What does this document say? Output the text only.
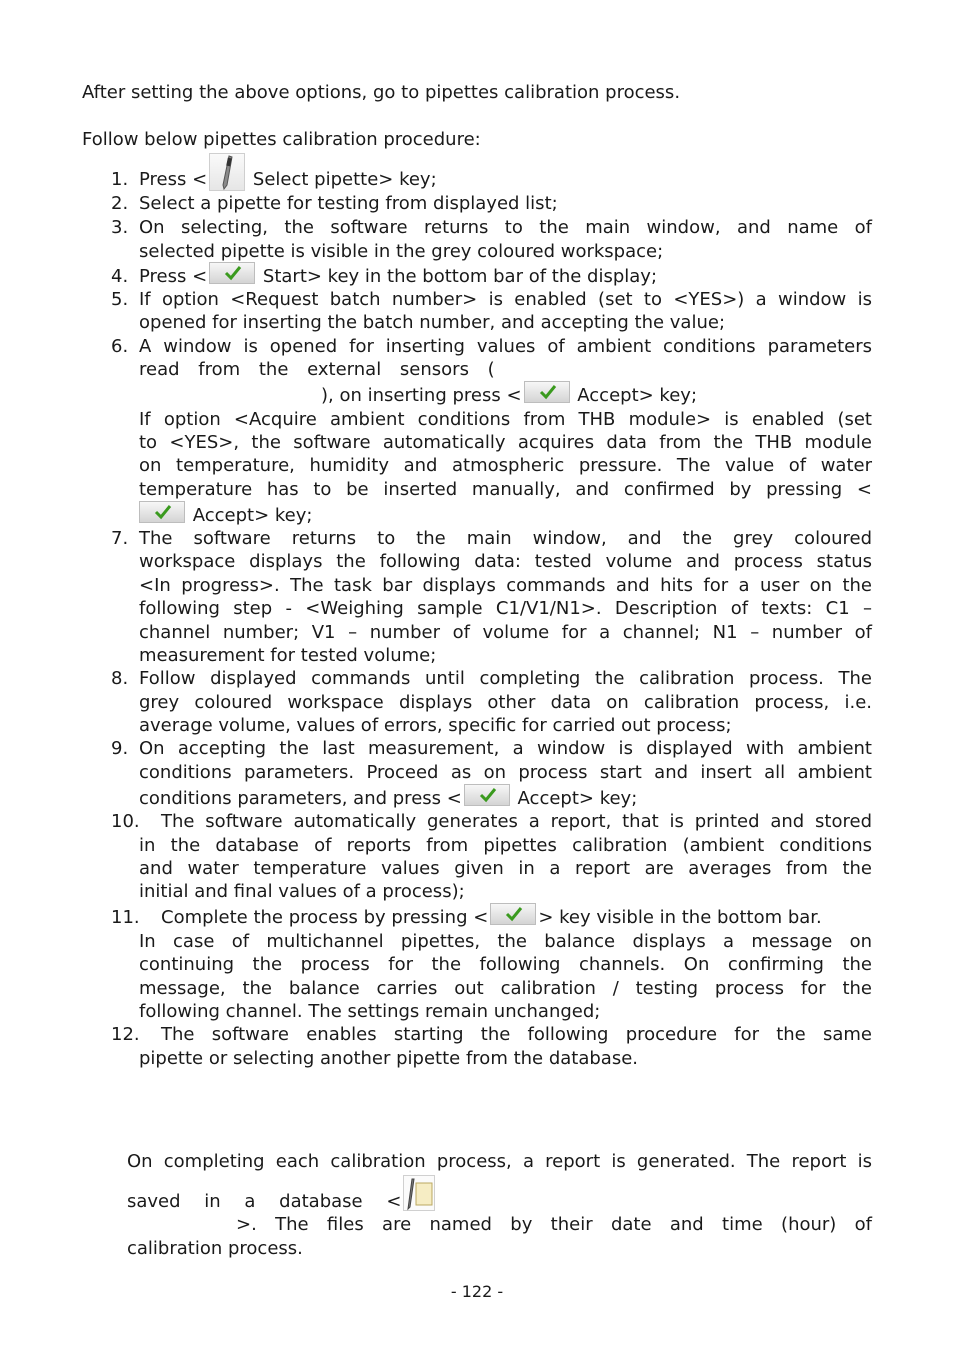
After setting the above options, go to pipettes calibration process.
Follow below pipettes calibration procedure:
1. Press <
Select pipette> key;
2. Select a pipette for testing from displayed list;
3. On selecting, the software returns to the main window, and name of
selected pipette is visible in the grey coloured workspace;
4. Press <	Start> key in the bottom bar of the display;
5. If option <Request batch number> is enabled (set to <YES>) a window is
opened for inserting the batch number, and accepting the value;
6. A window is opened for inserting values of ambient conditions parameters
read from the external sensors (
), on inserting press <	Accept> key;
If option <Acquire ambient conditions from THB module> is enabled (set
to <YES>, the software automatically acquires data from the THB module
on temperature, humidity and atmospheric pressure. The value of water
temperature has to be inserted manually, and confirmed by pressing <
Accept> key;
7. The software returns to the main window, and the grey coloured
workspace displays the following data: tested volume and process status
<In progress>. The task bar displays commands and hits for a user on the
following step - <Weighing sample C1/V1/N1>. Description of texts: C1 –
channel number; V1 – number of volume for a channel; N1 – number of
measurement for tested volume;
8. Follow displayed commands until completing the calibration process. The
grey coloured workspace displays other data on calibration process, i.e.
average volume, values of errors, specific for carried out process;
9. On accepting the last measurement, a window is displayed with ambient
conditions parameters. Proceed as on process start and insert all ambient
conditions parameters, and press <	Accept> key;
10. The software automatically generates a report, that is printed and stored
in the database of reports from pipettes calibration (ambient conditions
and water temperature values given in a report are averages from the
initial and final values of a process);
11. Complete the process by pressing <	> key visible in the bottom bar.
In case of multichannel pipettes, the balance displays a message on
continuing the process for the following channels. On confirming the
message, the balance carries out calibration / testing process for the
following channel. The settings remain unchanged;
12. The software enables starting the following procedure for the same
pipette or selecting another pipette from the database.
On completing each calibration process, a report is generated. The report is
saved in a database <
>. The files are named by their date and time (hour) of
calibration process.
- 122 -
